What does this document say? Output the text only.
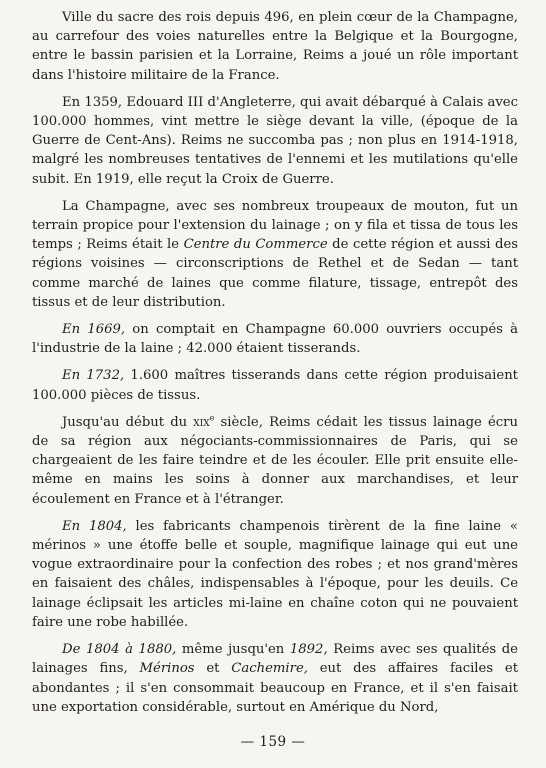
Ville du sacre des rois depuis 496, en plein cœur de la Champagne, au carrefour des voies naturelles entre la Belgique et la Bourgogne, entre le bassin parisien et la Lorraine, Reims a joué un rôle important dans l'histoire militaire de la France.

En 1359, Edouard III d'Angleterre, qui avait débarqué à Calais avec 100.000 hommes, vint mettre le siège devant la ville, (époque de la Guerre de Cent-Ans). Reims ne succomba pas ; non plus en 1914-1918, malgré les nombreuses tentatives de l'ennemi et les mutilations qu'elle subit. En 1919, elle reçut la Croix de Guerre.

La Champagne, avec ses nombreux troupeaux de mouton, fut un terrain propice pour l'extension du lainage ; on y fila et tissa de tous les temps ; Reims était le Centre du Commerce de cette région et aussi des régions voisines — circonscriptions de Rethel et de Sedan — tant comme marché de laines que comme filature, tissage, entrepôt des tissus et de leur distribution.

En 1669, on comptait en Champagne 60.000 ouvriers occupés à l'industrie de la laine ; 42.000 étaient tisserands.

En 1732, 1.600 maîtres tisserands dans cette région produisaient 100.000 pièces de tissus.

Jusqu'au début du xix$^e$ siècle, Reims cédait les tissus lainage écru de sa région aux négociants-commissionnaires de Paris, qui se chargeaient de les faire teindre et de les écouler. Elle prit ensuite elle-même en mains les soins à donner aux marchandises, et leur écoulement en France et à l'étranger.

En 1804, les fabricants champenois tirèrent de la fine laine « mérinos » une étoffe belle et souple, magnifique lainage qui eut une vogue extraordinaire pour la confection des robes ; et nos grand'mères en faisaient des châles, indispensables à l'époque, pour les deuils. Ce lainage éclipsait les articles mi-laine en chaîne coton qui ne pouvaient faire une robe habillée.

De 1804 à 1880, même jusqu'en 1892, Reims avec ses qualités de lainages fins, Mérinos et Cachemire, eut des affaires faciles et abondantes ; il s'en consommait beaucoup en France, et il s'en faisait une exportation considérable, surtout en Amérique du Nord,

— 159 —
